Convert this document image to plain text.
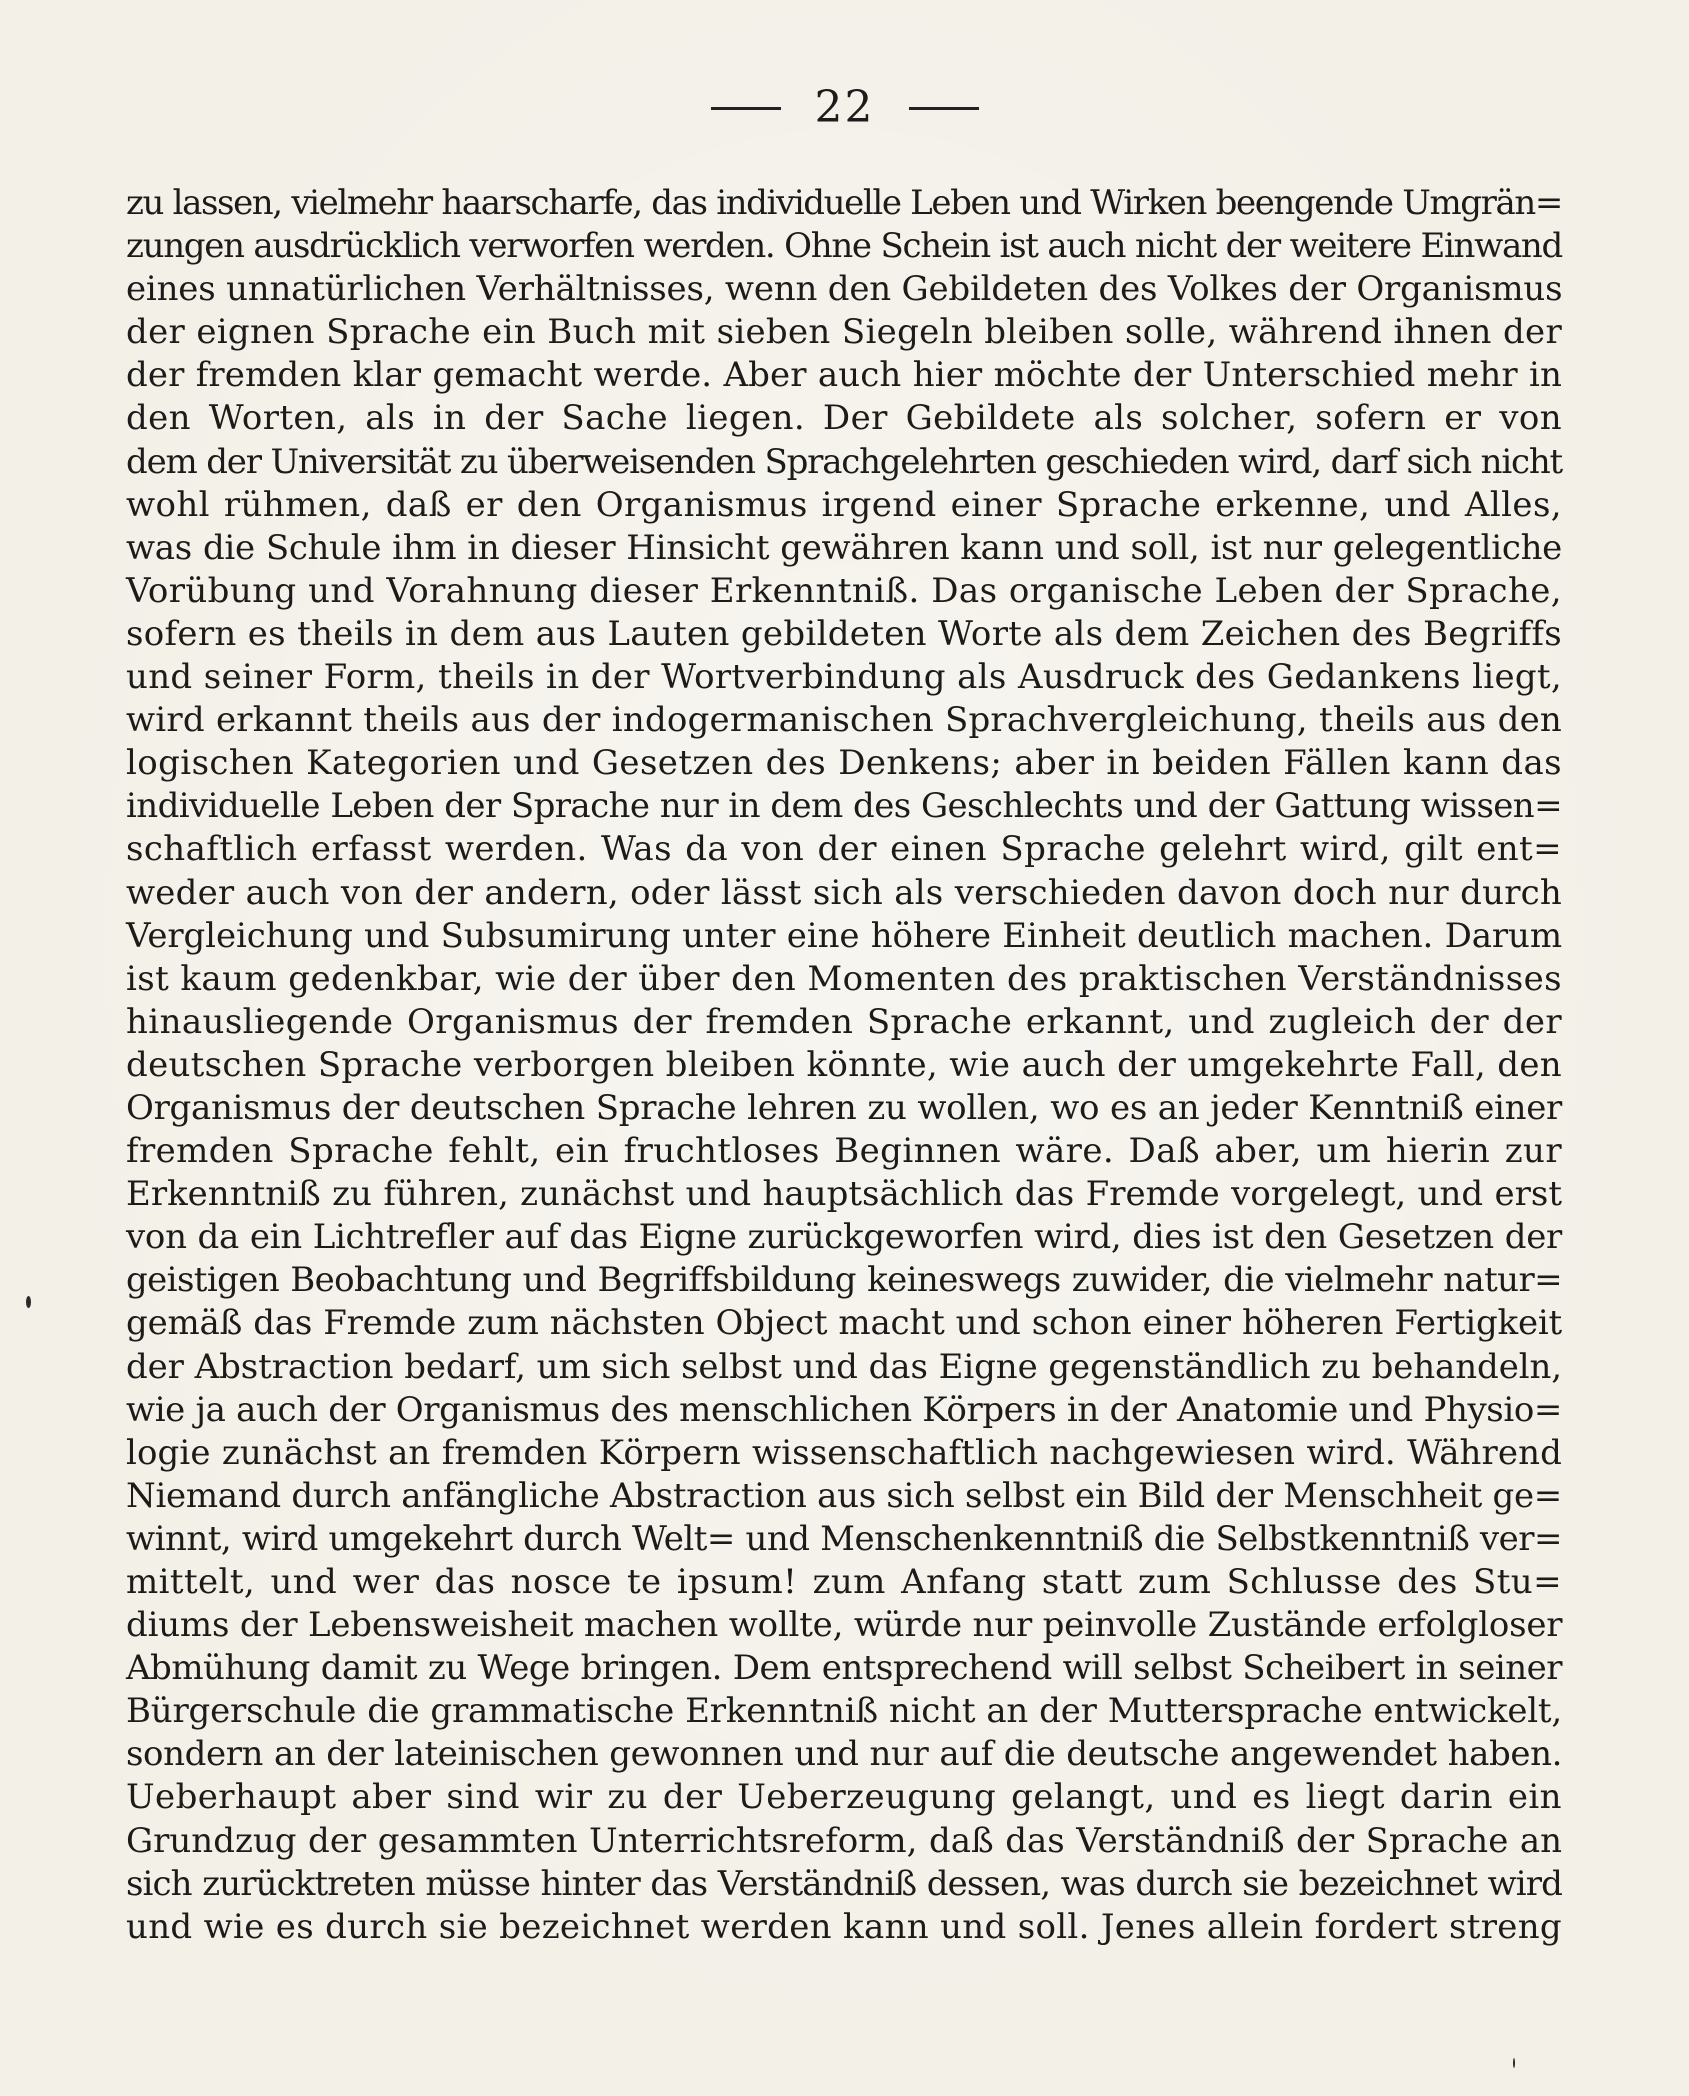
22
zu lassen, vielmehr haarscharfe, das individuelle Leben und Wirken beengende Umgrän=
zungen ausdrücklich verworfen werden. Ohne Schein ist auch nicht der weitere Einwand
eines unnatürlichen Verhältnisses, wenn den Gebildeten des Volkes der Organismus
der eignen Sprache ein Buch mit sieben Siegeln bleiben solle, während ihnen der
der fremden klar gemacht werde. Aber auch hier möchte der Unterschied mehr in
den Worten, als in der Sache liegen. Der Gebildete als solcher, sofern er von
dem der Universität zu überweisenden Sprachgelehrten geschieden wird, darf sich nicht
wohl rühmen, daß er den Organismus irgend einer Sprache erkenne, und Alles,
was die Schule ihm in dieser Hinsicht gewähren kann und soll, ist nur gelegentliche
Vorübung und Vorahnung dieser Erkenntniß. Das organische Leben der Sprache,
sofern es theils in dem aus Lauten gebildeten Worte als dem Zeichen des Begriffs
und seiner Form, theils in der Wortverbindung als Ausdruck des Gedankens liegt,
wird erkannt theils aus der indogermanischen Sprachvergleichung, theils aus den
logischen Kategorien und Gesetzen des Denkens; aber in beiden Fällen kann das
individuelle Leben der Sprache nur in dem des Geschlechts und der Gattung wissen=
schaftlich erfasst werden. Was da von der einen Sprache gelehrt wird, gilt ent=
weder auch von der andern, oder lässt sich als verschieden davon doch nur durch
Vergleichung und Subsumirung unter eine höhere Einheit deutlich machen. Darum
ist kaum gedenkbar, wie der über den Momenten des praktischen Verständnisses
hinausliegende Organismus der fremden Sprache erkannt, und zugleich der der
deutschen Sprache verborgen bleiben könnte, wie auch der umgekehrte Fall, den
Organismus der deutschen Sprache lehren zu wollen, wo es an jeder Kenntniß einer
fremden Sprache fehlt, ein fruchtloses Beginnen wäre. Daß aber, um hierin zur
Erkenntniß zu führen, zunächst und hauptsächlich das Fremde vorgelegt, und erst
von da ein Lichtrefler auf das Eigne zurückgeworfen wird, dies ist den Gesetzen der
geistigen Beobachtung und Begriffsbildung keineswegs zuwider, die vielmehr natur=
gemäß das Fremde zum nächsten Object macht und schon einer höheren Fertigkeit
der Abstraction bedarf, um sich selbst und das Eigne gegenständlich zu behandeln,
wie ja auch der Organismus des menschlichen Körpers in der Anatomie und Physio=
logie zunächst an fremden Körpern wissenschaftlich nachgewiesen wird. Während
Niemand durch anfängliche Abstraction aus sich selbst ein Bild der Menschheit ge=
winnt, wird umgekehrt durch Welt= und Menschenkenntniß die Selbstkenntniß ver=
mittelt, und wer das nosce te ipsum! zum Anfang statt zum Schlusse des Stu=
diums der Lebensweisheit machen wollte, würde nur peinvolle Zustände erfolgloser
Abmühung damit zu Wege bringen. Dem entsprechend will selbst Scheibert in seiner
Bürgerschule die grammatische Erkenntniß nicht an der Muttersprache entwickelt,
sondern an der lateinischen gewonnen und nur auf die deutsche angewendet haben.
Ueberhaupt aber sind wir zu der Ueberzeugung gelangt, und es liegt darin ein
Grundzug der gesammten Unterrichtsreform, daß das Verständniß der Sprache an
sich zurücktreten müsse hinter das Verständniß dessen, was durch sie bezeichnet wird
und wie es durch sie bezeichnet werden kann und soll. Jenes allein fordert streng
